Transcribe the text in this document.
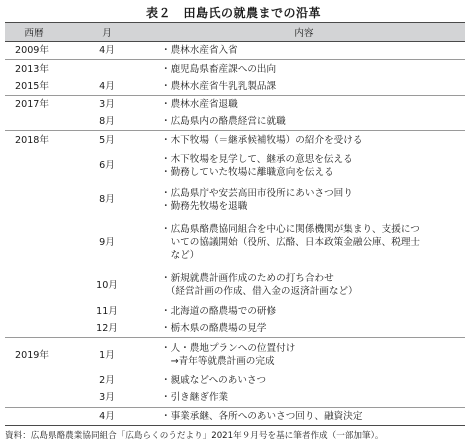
表２　田島氏の就農までの沿革
西暦	月	内容
2009年	4月	・農林水産省入省

2013年		・鹿児島県畜産課への出向

2015年	4月	・農林水産省牛乳乳製品課

2017年	3月	・農林水産省退職

	8月	・広島県内の酪農経営に就職

2018年	5月	・木下牧場（＝継承候補牧場）の紹介を受ける

	6月	・木下牧場を見学して、継承の意思を伝える
・勤務していた牧場に離職意向を伝える

	8月	・広島県庁や安芸高田市役所にあいさつ回り
・勤務先牧場を退職

	9月	・広島県酪農協同組合を中心に関係機関が集まり、支援につ
　いての協議開始（役所、広酪、日本政策金融公庫、税理士
　など）

	10月	・新規就農計画作成のための打ち合わせ
　（経営計画の作成、借入金の返済計画など）

	11月	・北海道の酪農場での研修

	12月	・栃木県の酪農場の見学

2019年	1月	・人・農地プランへの位置付け
　→青年等就農計画の完成

	2月	・親戚などへのあいさつ

	3月	・引き継ぎ作業

	4月	・事業承継、各所へのあいさつ回り、融資決定
資料：広島県酪農業協同組合「広島らくのうだより」2021年９月号を基に筆者作成（一部加筆）。
